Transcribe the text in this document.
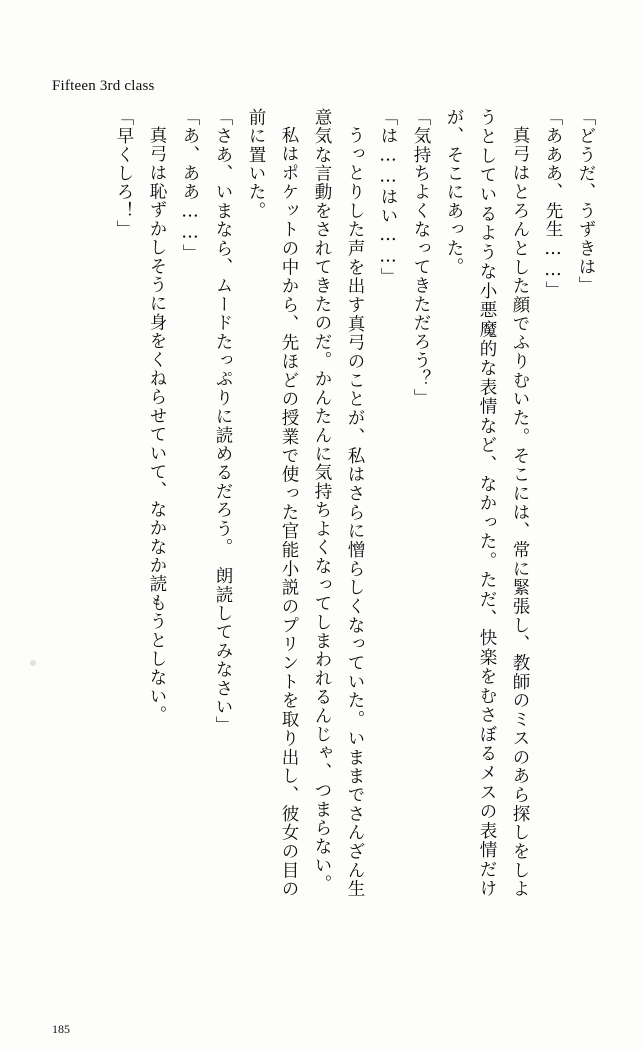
Fifteen 3rd class

「どうだ、うずきは」

「あああ、先生……」

真弓はとろんとした顔でふりむいた。そこには、常に緊張し、教師のミスのあら探しをしようとしているような小悪魔的な表情など、なかった。ただ、快楽をむさぼるメスの表情だけが、そこにあった。

「気持ちよくなってきただろう？」

「は……はい……」

うっとりした声を出す真弓のことが、私はさらに憎らしくなっていた。いままでさんざん生意気な言動をされてきたのだ。かんたんに気持ちよくなってしまわれるんじゃ、つまらない。

私はポケットの中から、先ほどの授業で使った官能小説のプリントを取り出し、彼女の目の前に置いた。

「さあ、いまなら、ムードたっぷりに読めるだろう。　朗読してみなさい」

「あ、ああ……」

真弓は恥ずかしそうに身をくねらせていて、なかなか読もうとしない。

「早くしろ！」

185
